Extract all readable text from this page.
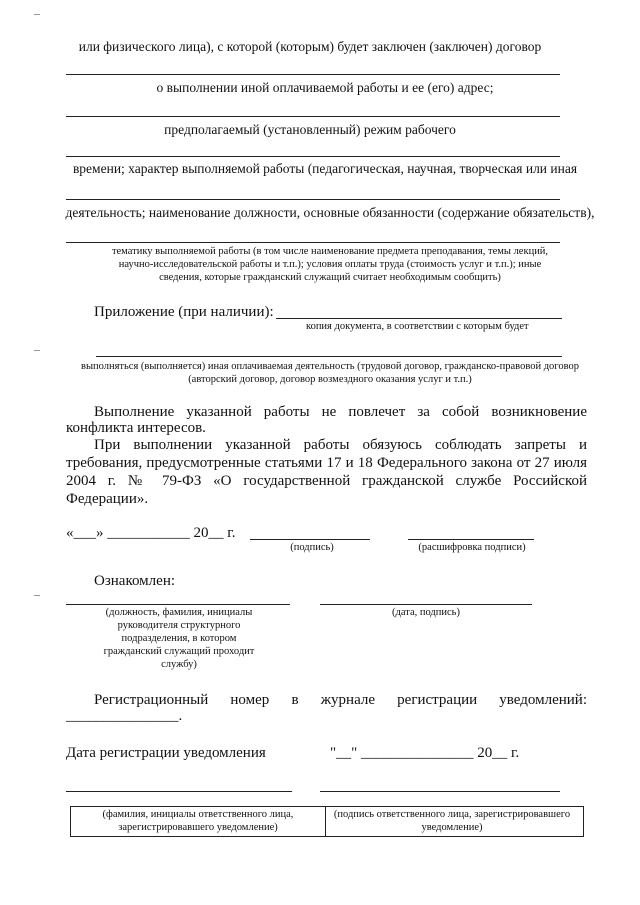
или физического лица), с которой (которым) будет заключен (заключен) договор
о выполнении иной оплачиваемой работы и ее (его) адрес;
предполагаемый (установленный) режим рабочего
времени; характер выполняемой работы (педагогическая, научная, творческая или иная
деятельность; наименование должности, основные обязанности (содержание обязательств),
тематику выполняемой работы (в том числе наименование предмета преподавания, темы лекций,
научно-исследовательской работы и т.п.); условия оплаты труда (стоимость услуг и т.п.); иные
сведения, которые гражданский служащий считает необходимым сообщить)
Приложение (при наличии):
копия документа, в соответствии с которым будет
выполняться (выполняется) иная оплачиваемая деятельность (трудовой договор, гражданско-правовой договор
(авторский договор, договор возмездного оказания услуг и т.п.)
Выполнение указанной работы не повлечет за собой возникновение
конфликта интересов.
При выполнении указанной работы обязуюсь соблюдать запреты и
требования, предусмотренные статьями 17 и 18 Федерального закона от 27 июля
2004 г. № 79-ФЗ «О государственной гражданской службе Российской
Федерации».
«___» ___________ 20__ г.
(подпись)	(расшифровка подписи)
Ознакомлен:
(должность, фамилия, инициалы руководителя структурного подразделения, в котором гражданский служащий проходит службу)
(дата, подпись)
Регистрационный номер в журнале регистрации уведомлений:
_______________.
Дата регистрации уведомления	"__" _______________ 20__ г.
(фамилия, инициалы ответственного лица, зарегистрировавшего уведомление)
(подпись ответственного лица, зарегистрировавшего уведомление)
